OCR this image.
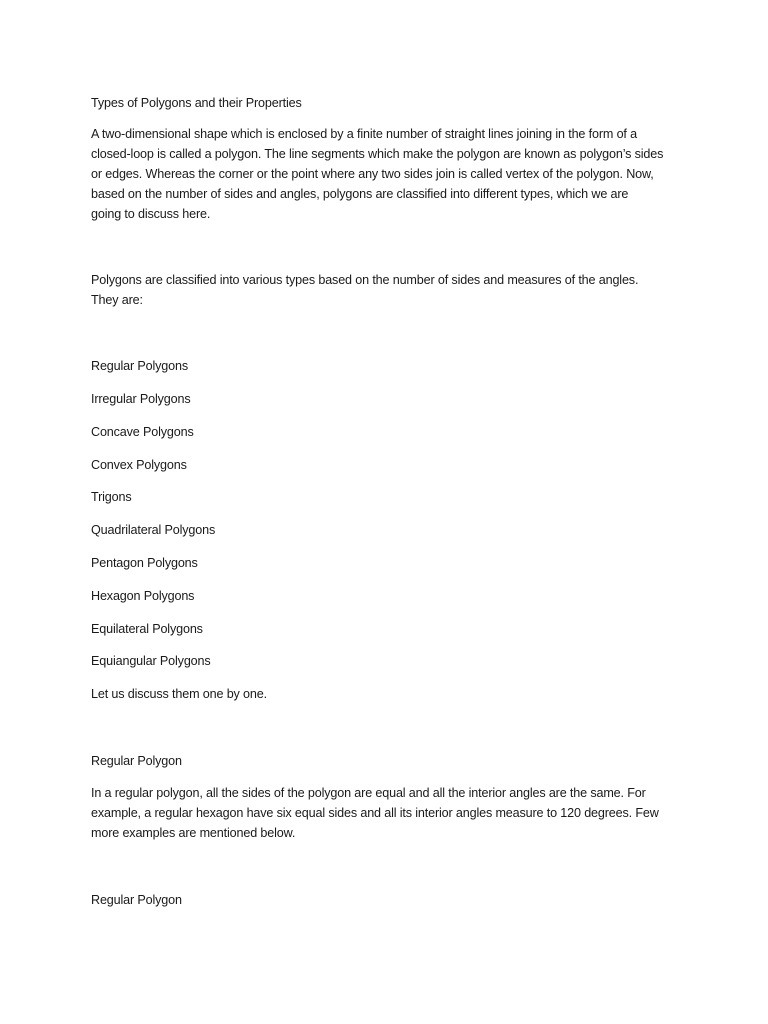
Types of Polygons and their Properties

A two-dimensional shape which is enclosed by a finite number of straight lines joining in the form of a
closed-loop is called a polygon. The line segments which make the polygon are known as polygon’s sides
or edges. Whereas the corner or the point where any two sides join is called vertex of the polygon. Now,
based on the number of sides and angles, polygons are classified into different types, which we are
going to discuss here.
Polygons are classified into various types based on the number of sides and measures of the angles.
They are:

Regular Polygons

Irregular Polygons

Concave Polygons

Convex Polygons

Trigons

Quadrilateral Polygons

Pentagon Polygons

Hexagon Polygons

Equilateral Polygons

Equiangular Polygons

Let us discuss them one by one.

Regular Polygon

In a regular polygon, all the sides of the polygon are equal and all the interior angles are the same. For
example, a regular hexagon have six equal sides and all its interior angles measure to 120 degrees. Few
more examples are mentioned below.

Regular Polygon
